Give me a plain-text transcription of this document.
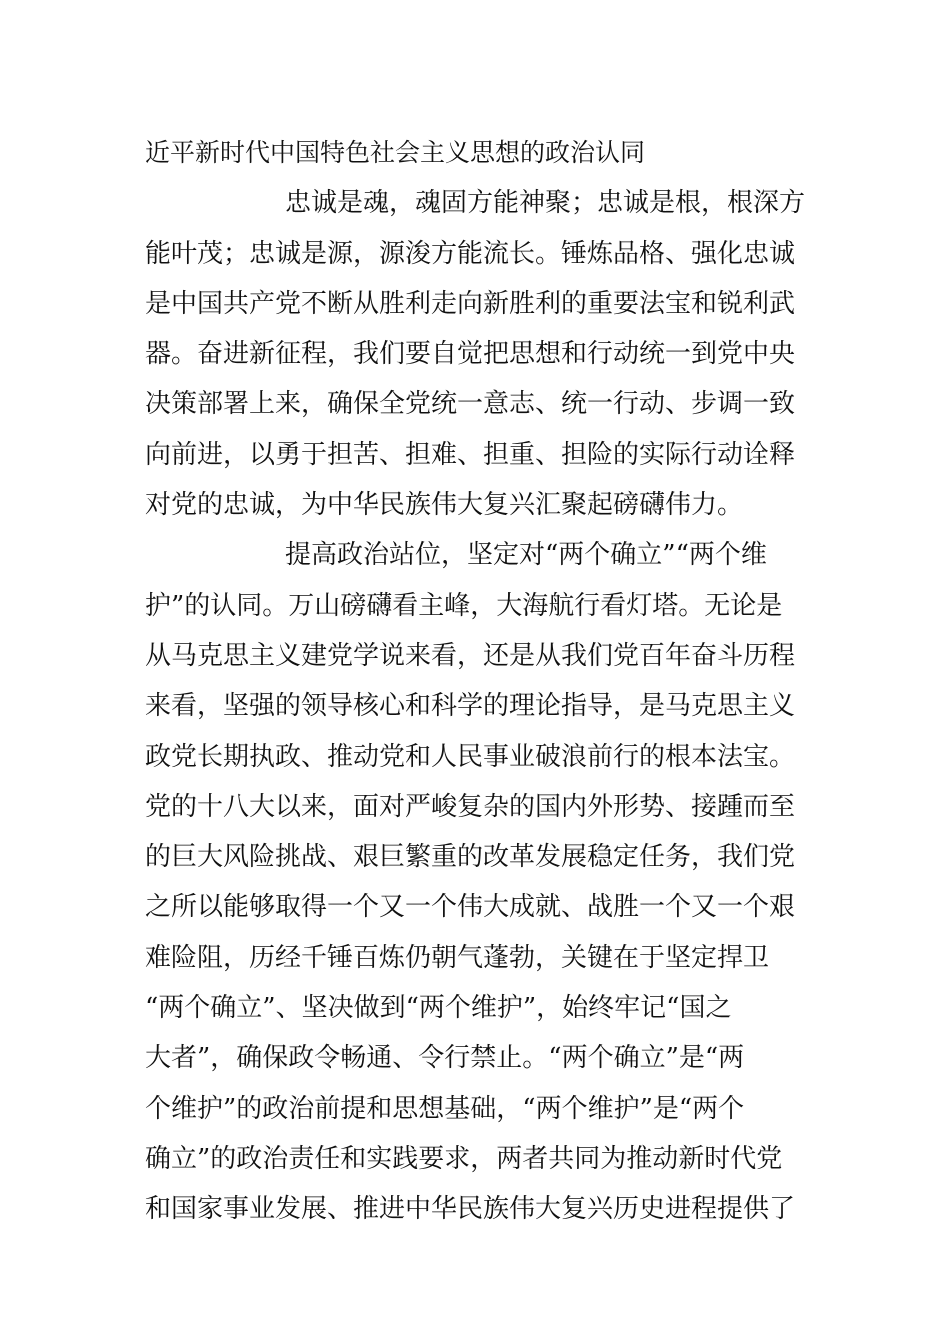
近平新时代中国特色社会主义思想的政治认同
忠诚是魂，魂固方能神聚；忠诚是根，根深方
能叶茂；忠诚是源，源浚方能流长。锤炼品格、强化忠诚
是中国共产党不断从胜利走向新胜利的重要法宝和锐利武
器。奋进新征程，我们要自觉把思想和行动统一到党中央
决策部署上来，确保全党统一意志、统一行动、步调一致
向前进，以勇于担苦、担难、担重、担险的实际行动诠释
对党的忠诚，为中华民族伟大复兴汇聚起磅礴伟力。
提高政治站位，坚定对“两个确立”“两个维
护”的认同。万山磅礴看主峰，大海航行看灯塔。无论是
从马克思主义建党学说来看，还是从我们党百年奋斗历程
来看，坚强的领导核心和科学的理论指导，是马克思主义
政党长期执政、推动党和人民事业破浪前行的根本法宝。
党的十八大以来，面对严峻复杂的国内外形势、接踵而至
的巨大风险挑战、艰巨繁重的改革发展稳定任务，我们党
之所以能够取得一个又一个伟大成就、战胜一个又一个艰
难险阻，历经千锤百炼仍朝气蓬勃，关键在于坚定捍卫
“两个确立”、坚决做到“两个维护”，始终牢记“国之
大者”，确保政令畅通、令行禁止。“两个确立”是“两
个维护”的政治前提和思想基础，“两个维护”是“两个
确立”的政治责任和实践要求，两者共同为推动新时代党
和国家事业发展、推进中华民族伟大复兴历史进程提供了
